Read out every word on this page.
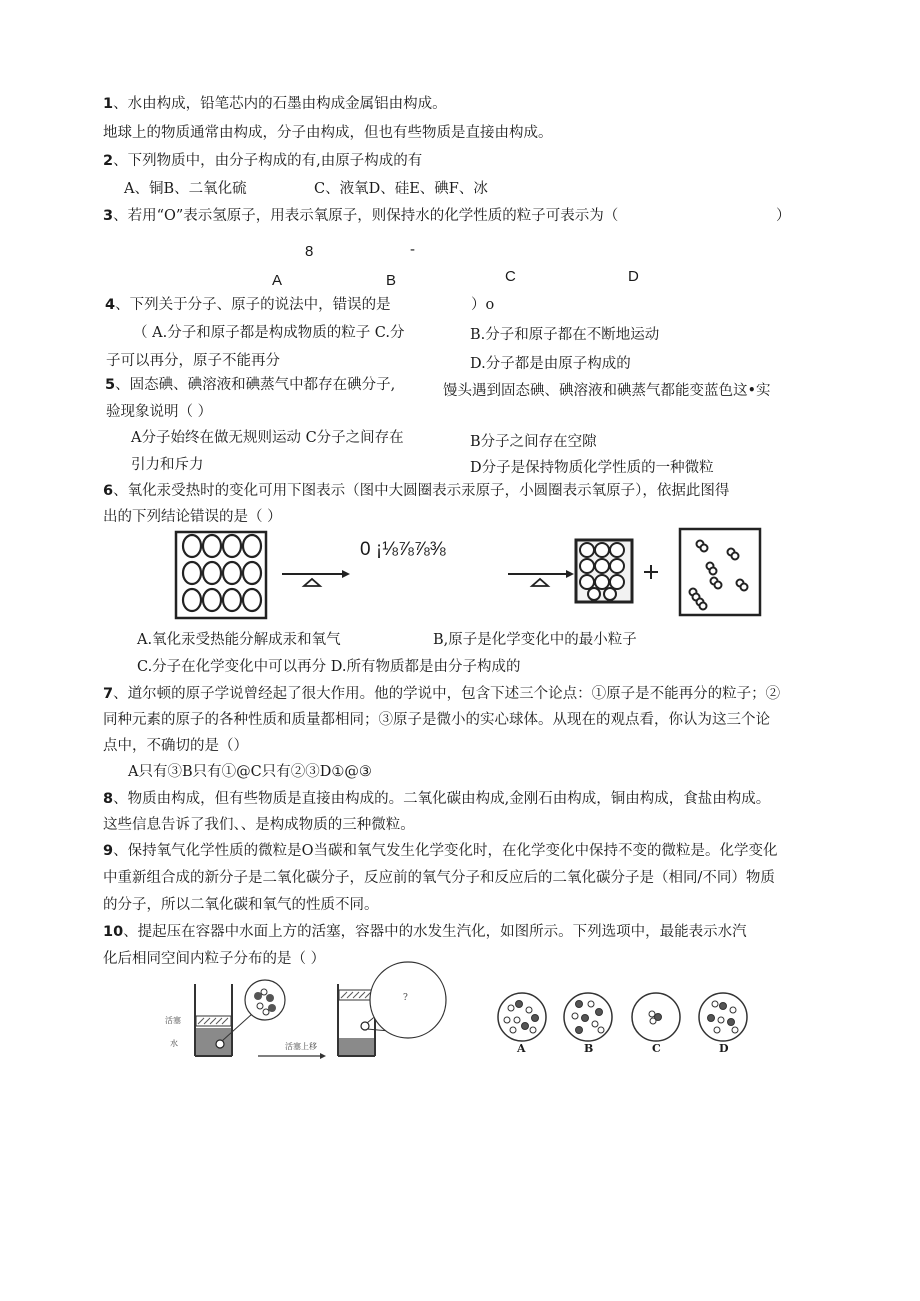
1、水由构成，铅笔芯内的石墨由构成金属铝由构成。
地球上的物质通常由构成，分子由构成，但也有些物质是直接由构成。
2、下列物质中，由分子构成的有,由原子构成的有
A、铜B、二氧化硫	C、液氧D、硅E、碘F、冰
3、若用“O”表示氢原子，用表示氧原子，则保持水的化学性质的粒子可表示为（	）
8	-
A	B	C	D
4、下列关于分子、原子的说法中，错误的是	）o
（ A.分子和原子都是构成物质的粒子 C.分
子可以再分，原子不能再分
B.分子和原子都在不断地运动
D.分子都是由原子构成的
5、固态碘、碘溶液和碘蒸气中都存在碘分子,	馒头遇到固态碘、碘溶液和碘蒸气都能变蓝色这•实
验现象说明（ ）
A分子始终在做无规则运动 C分子之间存在
引力和斥力
B分子之间存在空隙
D分子是保持物质化学性质的一种微粒
6、氧化汞受热时的变化可用下图表示（图中大圆圈表示汞原子，小圆圈表示氧原子），依据此图得
出的下列结论错误的是（ ）
0 ¡⅛⅞⅞⅜
A.氧化汞受热能分解成汞和氧气	B,原子是化学变化中的最小粒子
C.分子在化学变化中可以再分 D.所有物质都是由分子构成的
7、道尔顿的原子学说曾经起了很大作用。他的学说中，包含下述三个论点：①原子是不能再分的粒子；②
同种元素的原子的各种性质和质量都相同；③原子是微小的实心球体。从现在的观点看，你认为这三个论
点中，不确切的是（）
A只有③B只有①@C只有②③D①@③
8、物质由构成，但有些物质是直接由构成的。二氧化碳由构成,金刚石由构成，铜由构成，食盐由构成。
这些信息告诉了我们、、是构成物质的三种微粒。
9、保持氧气化学性质的微粒是O当碳和氧气发生化学变化时，在化学变化中保持不变的微粒是。化学变化
中重新组合成的新分子是二氧化碳分子，反应前的氧气分子和反应后的二氧化碳分子是（相同/不同）物质
的分子，所以二氧化碳和氧气的性质不同。
10、提起压在容器中水面上方的活塞，容器中的水发生汽化，如图所示。下列选项中，最能表示水汽
化后相同空间内粒子分布的是（ ）
活塞
水	活塞上移
?
A	B	C	D
